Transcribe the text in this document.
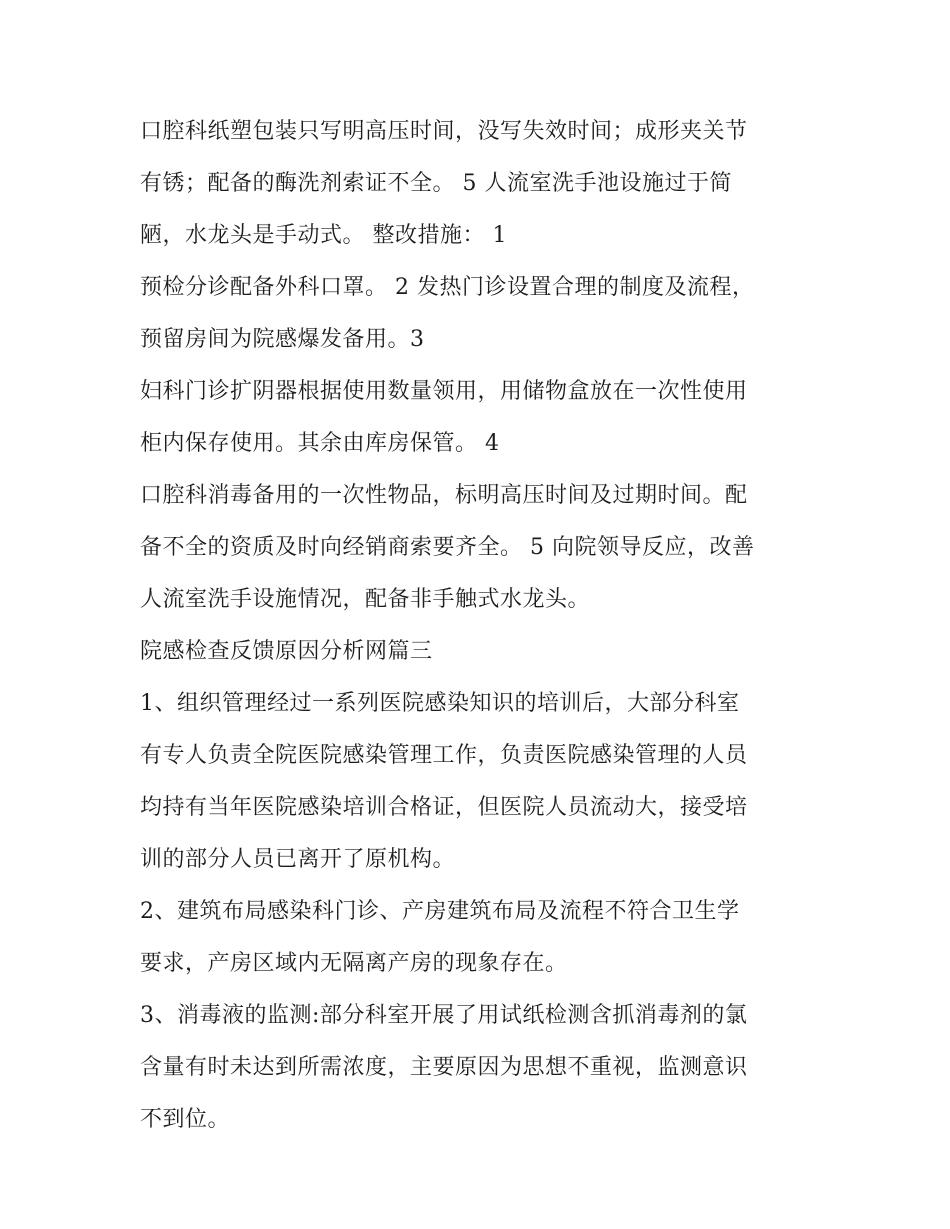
口腔科纸塑包装只写明高压时间，没写失效时间；成形夹关节
有锈；配备的酶洗剂索证不全。 5 人流室洗手池设施过于简
陋，水龙头是手动式。 整改措施： 1
预检分诊配备外科口罩。 2 发热门诊设置合理的制度及流程，
预留房间为院感爆发备用。3
妇科门诊扩阴器根据使用数量领用，用储物盒放在一次性使用
柜内保存使用。其余由库房保管。 4
口腔科消毒备用的一次性物品，标明高压时间及过期时间。配
备不全的资质及时向经销商索要齐全。 5 向院领导反应，改善
人流室洗手设施情况，配备非手触式水龙头。
院感检查反馈原因分析网篇三
1、组织管理经过一系列医院感染知识的培训后，大部分科室
有专人负责全院医院感染管理工作，负责医院感染管理的人员
均持有当年医院感染培训合格证，但医院人员流动大，接受培
训的部分人员已离开了原机构。
2、建筑布局感染科门诊、产房建筑布局及流程不符合卫生学
要求，产房区域内无隔离产房的现象存在。
3、消毒液的监测:部分科室开展了用试纸检测含抓消毒剂的氯
含量有时未达到所需浓度，主要原因为思想不重视，监测意识
不到位。
